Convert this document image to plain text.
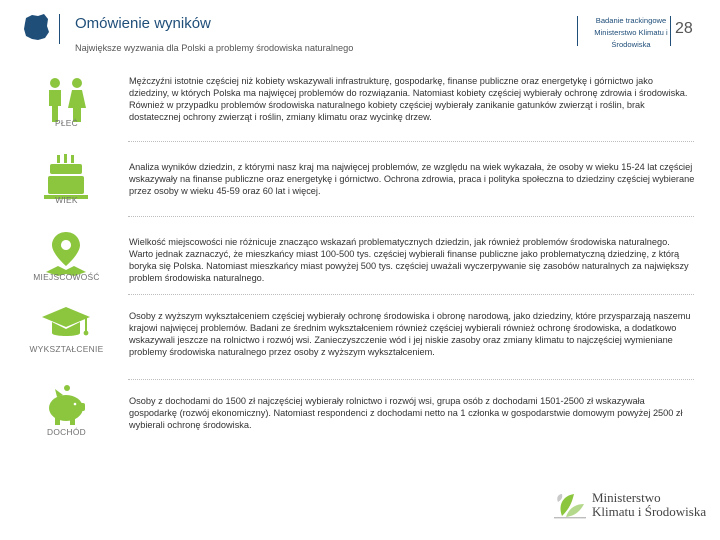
Omówienie wyników
Największe wyzwania dla Polski a problemy środowiska naturalnego
Badanie trackingowe Ministerstwo Klimatu i Środowiska
28
PŁEĆ
Mężczyźni istotnie częściej niż kobiety wskazywali infrastrukturę, gospodarkę, finanse publiczne oraz energetykę i górnictwo jako dziedziny, w których Polska ma najwięcej problemów do rozwiązania. Natomiast kobiety częściej wybierały ochronę zdrowia i środowiska. Również w przypadku problemów środowiska naturalnego kobiety częściej wybierały zanikanie gatunków zwierząt i roślin, brak dostatecznej ochrony zwierząt i roślin, zmiany klimatu oraz wycinkę drzew.
WIEK
Analiza wyników dziedzin, z którymi nasz kraj ma najwięcej problemów, ze względu na wiek wykazała, że osoby w wieku 15-24 lat częściej wskazywały na finanse publiczne oraz energetykę i górnictwo. Ochrona zdrowia, praca i polityka społeczna to dziedziny częściej wybierane przez osoby w wieku 45-59 oraz 60 lat i więcej.
MIEJSCOWOŚĆ
Wielkość miejscowości nie różnicuje znacząco wskazań problematycznych dziedzin, jak również problemów środowiska naturalnego. Warto jednak zaznaczyć, że mieszkańcy miast 100-500 tys. częściej wybierali finanse publiczne jako problematyczną dziedzinę, z którą boryka się Polska. Natomiast mieszkańcy miast powyżej 500 tys. częściej uważali wyczerpywanie się zasobów naturalnych za największy problem środowiska naturalnego.
WYKSZTAŁCENIE
Osoby z wyższym wykształceniem częściej wybierały ochronę środowiska i obronę narodową, jako dziedziny, które przysparzają naszemu krajowi najwięcej problemów. Badani ze średnim wykształceniem również częściej wybierali również ochronę środowiska, a dodatkowo wskazywali jeszcze na rolnictwo i rozwój wsi. Zanieczyszczenie wód i jej niskie zasoby oraz zmiany klimatu to najczęściej wymieniane problemy środowiska naturalnego przez osoby z wyższym wykształceniem.
DOCHÓD
Osoby z dochodami do 1500 zł najczęściej wybierały rolnictwo i rozwój wsi, grupa osób z dochodami 1501-2500 zł wskazywała gospodarkę (rozwój ekonomiczny). Natomiast respondenci z dochodami netto na 1 członka w gospodarstwie domowym powyżej 2500 zł wybierali ochronę środowiska.
Ministerstwo
Klimatu i Środowiska
